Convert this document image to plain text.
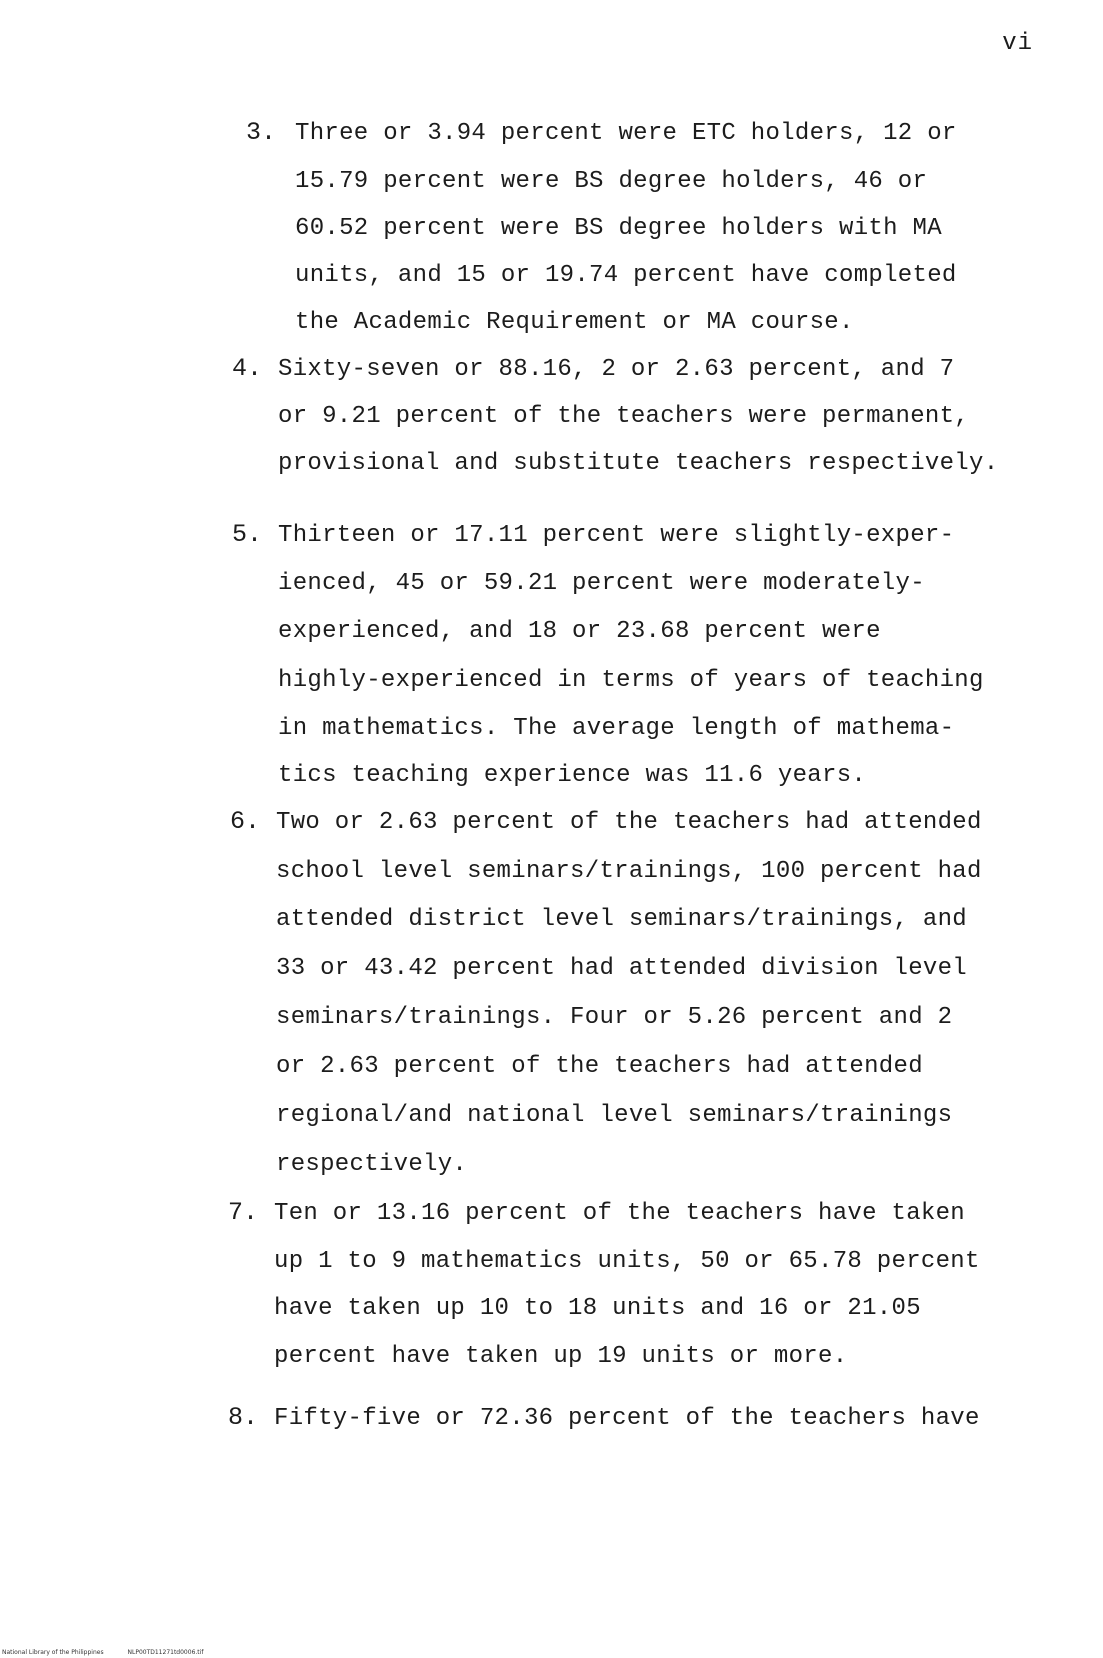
vi
3. Three or 3.94 percent were ETC holders, 12 or
15.79 percent were BS degree holders, 46 or
60.52 percent were BS degree holders with MA
units, and 15 or 19.74 percent have completed
the Academic Requirement or MA course.
4. Sixty-seven or 88.16, 2 or 2.63 percent, and 7
or 9.21 percent of the teachers were permanent,
provisional and substitute teachers respectively.
5. Thirteen or 17.11 percent were slightly-exper-
ienced, 45 or 59.21 percent were moderately-
experienced, and 18 or 23.68 percent were
highly-experienced in terms of years of teaching
in mathematics. The average length of mathema-
tics teaching experience was 11.6 years.
6. Two or 2.63 percent of the teachers had attended
school level seminars/trainings, 100 percent had
attended district level seminars/trainings, and
33 or 43.42 percent had attended division level
seminars/trainings. Four or 5.26 percent and 2
or 2.63 percent of the teachers had attended
regional/and national level seminars/trainings
respectively.
7. Ten or 13.16 percent of the teachers have taken
up 1 to 9 mathematics units, 50 or 65.78 percent
have taken up 10 to 18 units and 16 or 21.05
percent have taken up 19 units or more.
8. Fifty-five or 72.36 percent of the teachers have
National Library of the Philippines	NLP00TD11271td0006.tif
